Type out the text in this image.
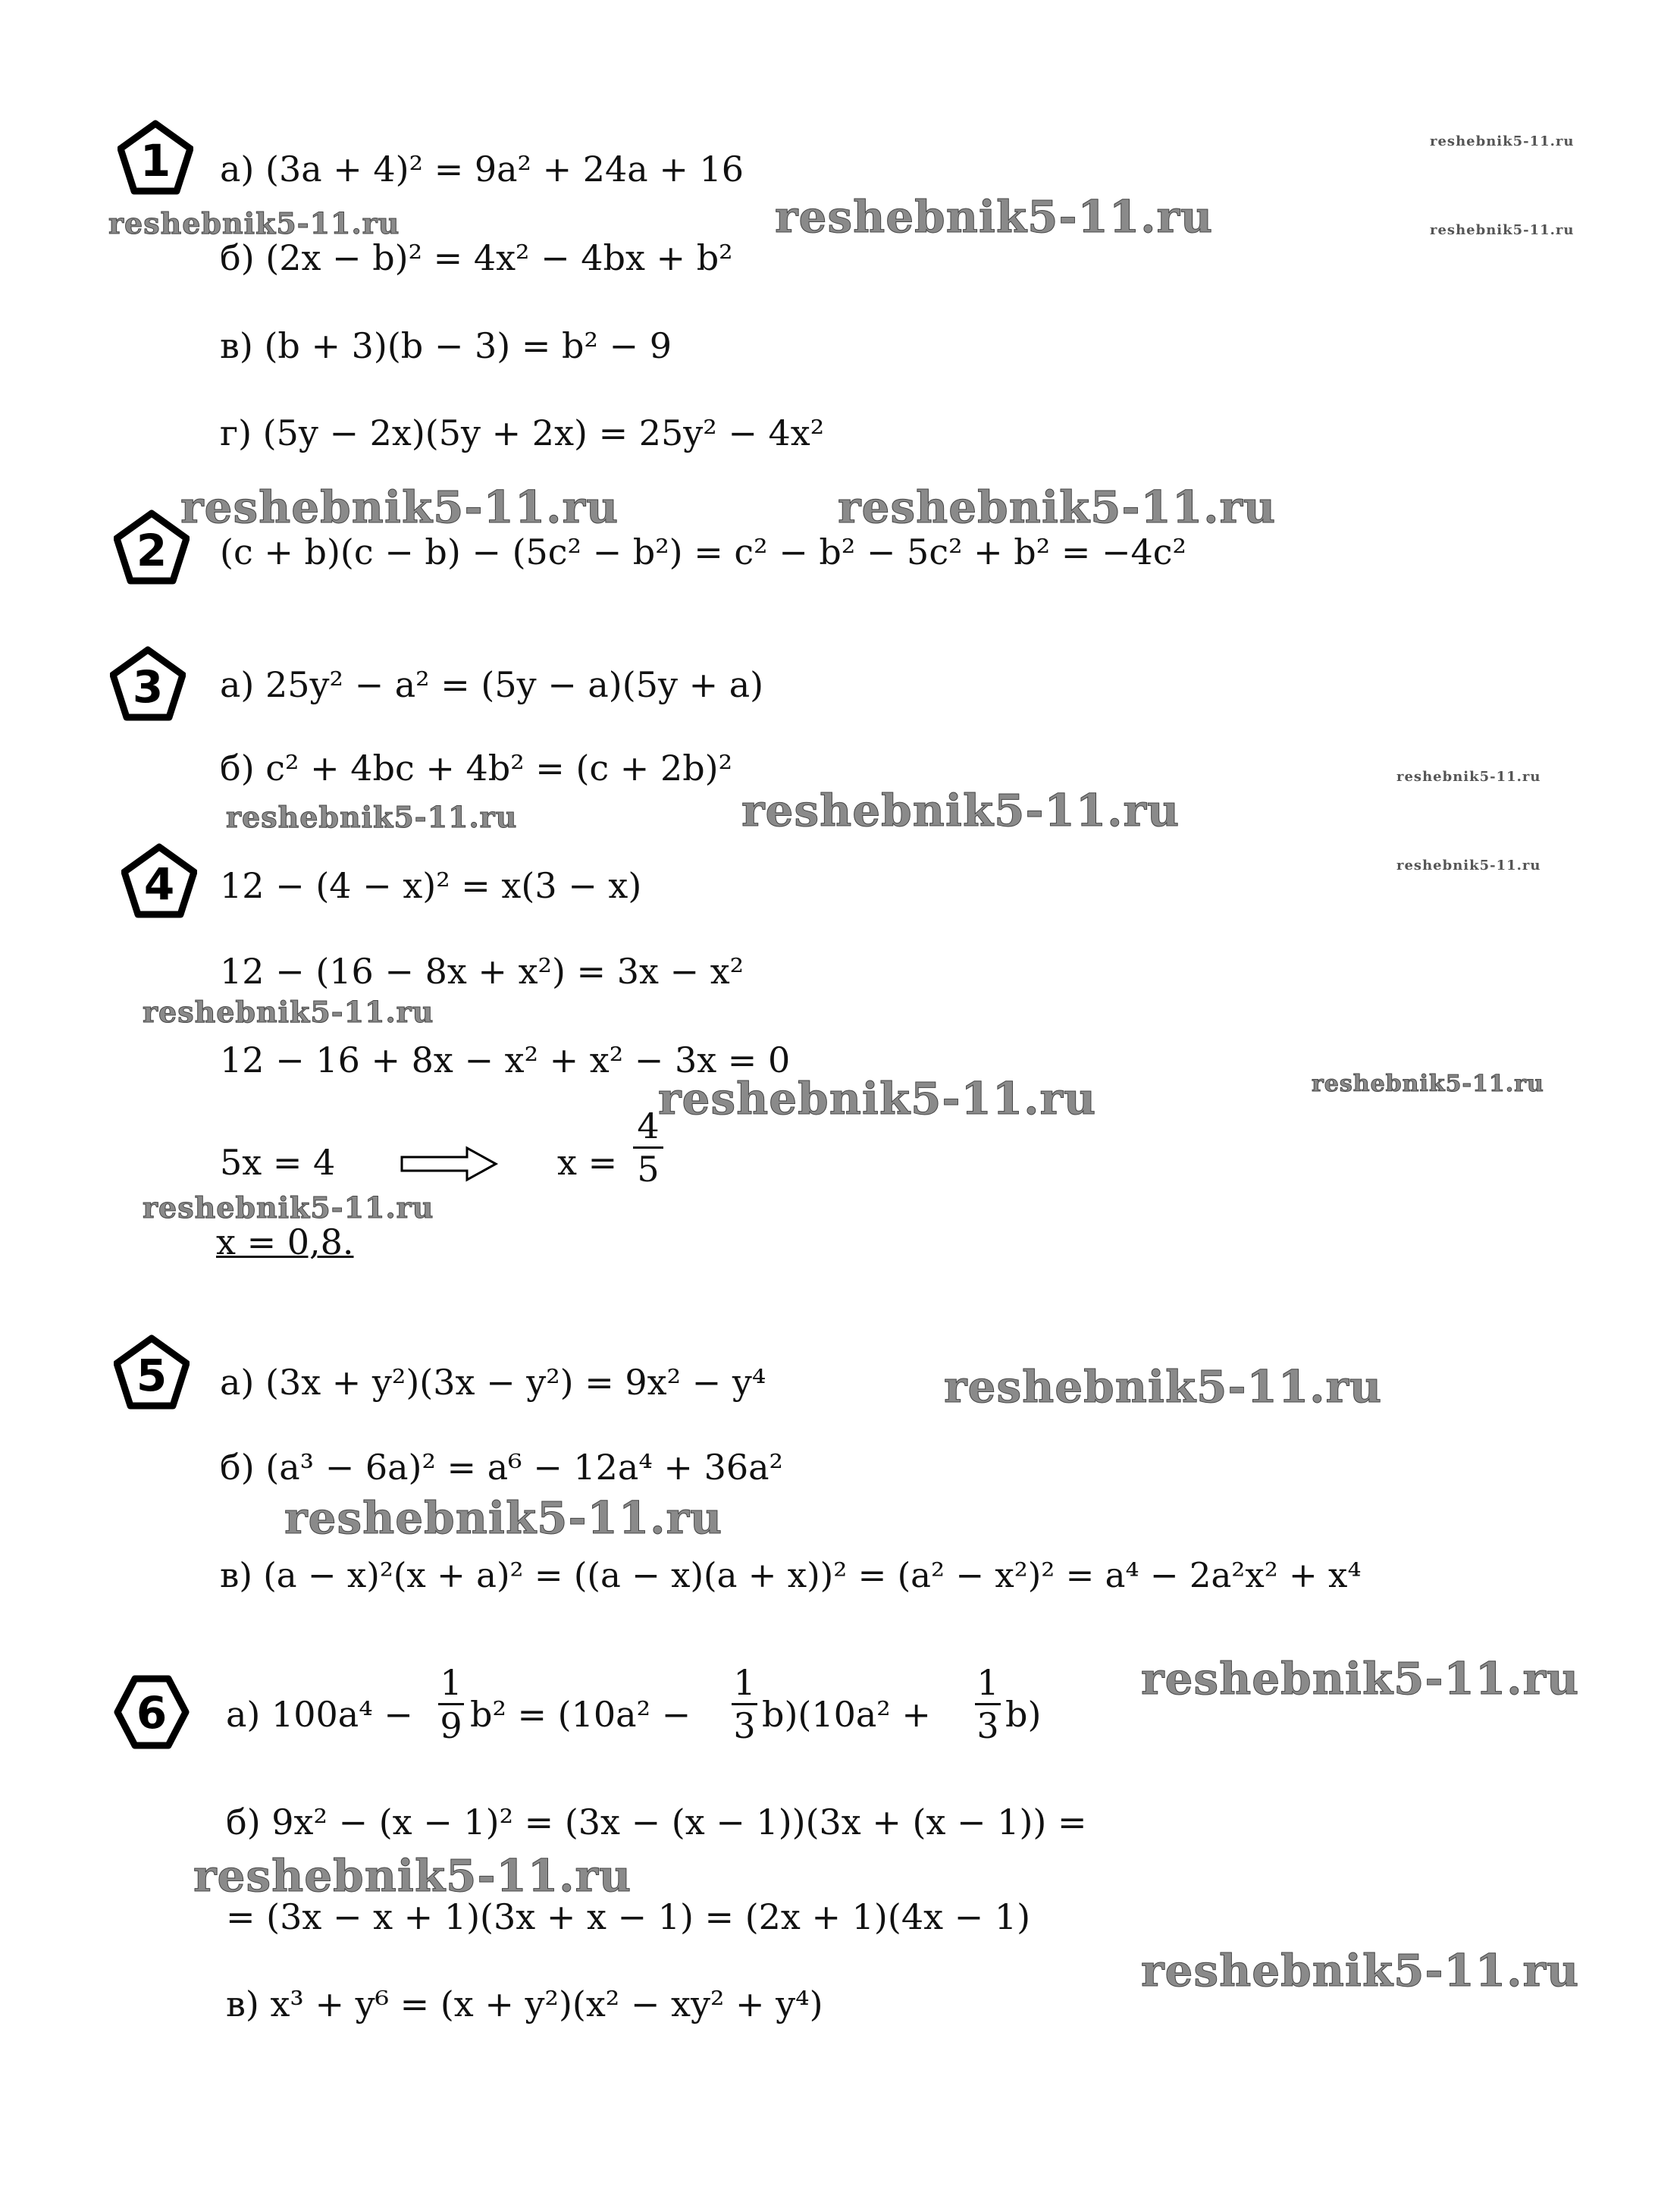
1	а) (3a + 4)² = 9a² + 24a + 16
б) (2x − b)² = 4x² − 4bx + b²
в) (b + 3)(b − 3) = b² − 9
г) (5y − 2x)(5y + 2x) = 25y² − 4x²
2	(c + b)(c − b) − (5c² − b²) = c² − b² − 5c² + b² = −4c²
3	а) 25y² − a² = (5y − a)(5y + a)
б) c² + 4bc + 4b² = (c + 2b)²
4	12 − (4 − x)² = x(3 − x)
12 − (16 − 8x + x²) = 3x − x²
12 − 16 + 8x − x² + x² − 3x = 0
5x = 4	x =
4
5
x = 0,8.
5	а) (3x + y²)(3x − y²) = 9x² − y⁴
б) (a³ − 6a)² = a⁶ − 12a⁴ + 36a²
в) (a − x)²(x + a)² = ((a − x)(a + x))² = (a² − x²)² = a⁴ − 2a²x² + x⁴
6	а) 100a⁴ −
1
9 b² = (10a² −
1
3 b)(10a² +
1
3 b)
б) 9x² − (x − 1)² = (3x − (x − 1))(3x + (x − 1)) =
= (3x − x + 1)(3x + x − 1) = (2x + 1)(4x − 1)
в) x³ + y⁶ = (x + y²)(x² − xy² + y⁴)
reshebnik5-11.ru
reshebnik5-11.ru
reshebnik5-11.ru	reshebnik5-11.ru
reshebnik5-11.ru	reshebnik5-11.ru
reshebnik5-11.ru
reshebnik5-11.ru	reshebnik5-11.ru
reshebnik5-11.ru
reshebnik5-11.ru
reshebnik5-11.ru	reshebnik5-11.ru
reshebnik5-11.ru
reshebnik5-11.ru
reshebnik5-11.ru
reshebnik5-11.ru
reshebnik5-11.ru
reshebnik5-11.ru
